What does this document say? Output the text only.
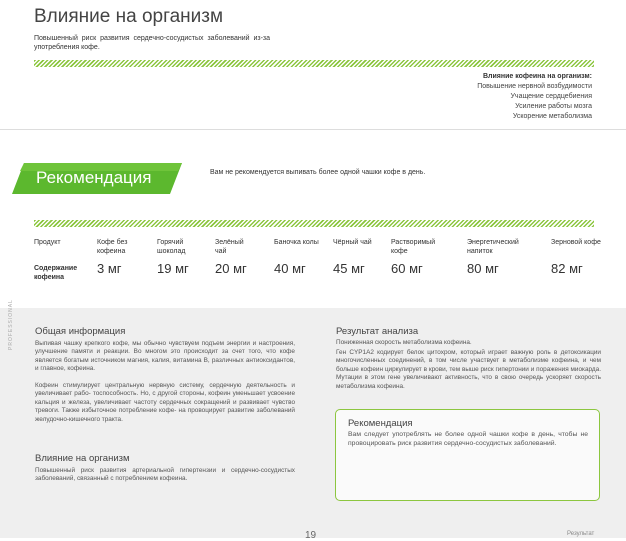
Влияние на организм
Повышенный риск развития сердечно-сосудистых заболеваний из-за употребления кофе.
Влияние кофеина на организм:
Повышение нервной возбудимости
Учащение сердцебиения
Усиление работы мозга
Ускорение метаболизма
Рекомендация	Вам не рекомендуется выпивать более одной чашки кофе в день.
Продукт
Содержание кофеина
Кофе без кофеина
3 мг
Горячий шоколад
19 мг
Зелёный чай
20 мг
Баночка колы
40 мг
Чёрный чай
45 мг
Растворимый кофе
60 мг
Энергетический напиток
80 мг
Зерновой кофе
82 мг
PROFESSIONAL Общая информация
Выпивая чашку крепкого кофе, мы обычно чувствуем подъем энергии и настроения, улучшение памяти и реакции. Во многом это происходит за счет того, что кофе является богатым источником магния, калия, витамина B, различных антиоксидантов, и главное, кофеина.
Кофеин стимулирует центральную нервную систему, сердечную деятельность и увеличивает рабо- тоспособность. Но, с другой стороны, кофеин уменьшает усвоение кальция и железа, увеличивает частоту сердечных сокращений и развивает чувство тревоги. Также избыточное потребление кофе- на провоцирует развитие заболеваний желудочно-кишечного тракта.
Влияние на организм
Повышенный риск развития артериальной гипертензии и сердечно-сосудистых заболеваний, связанный с потреблением кофеина.
Результат анализа
Пониженная скорость метаболизма кофеина.
Ген CYP1A2 кодирует белок цитохром, который играет важную роль в детоксикации многочисленных соединений, в том числе участвует в метаболизме кофеина, и чем больше кофеин циркулирует в крови, тем выше риск гипертонии и поражения миокарда. Мутации в этом гене увеличивают активность, что в свою очередь ускоряет скорость метаболизма кофеина.
Рекомендация
Вам следует употреблять не более одной чашки кофе в день, чтобы не провоцировать риск развития сердечно-сосудистых заболеваний.
19	Результат
